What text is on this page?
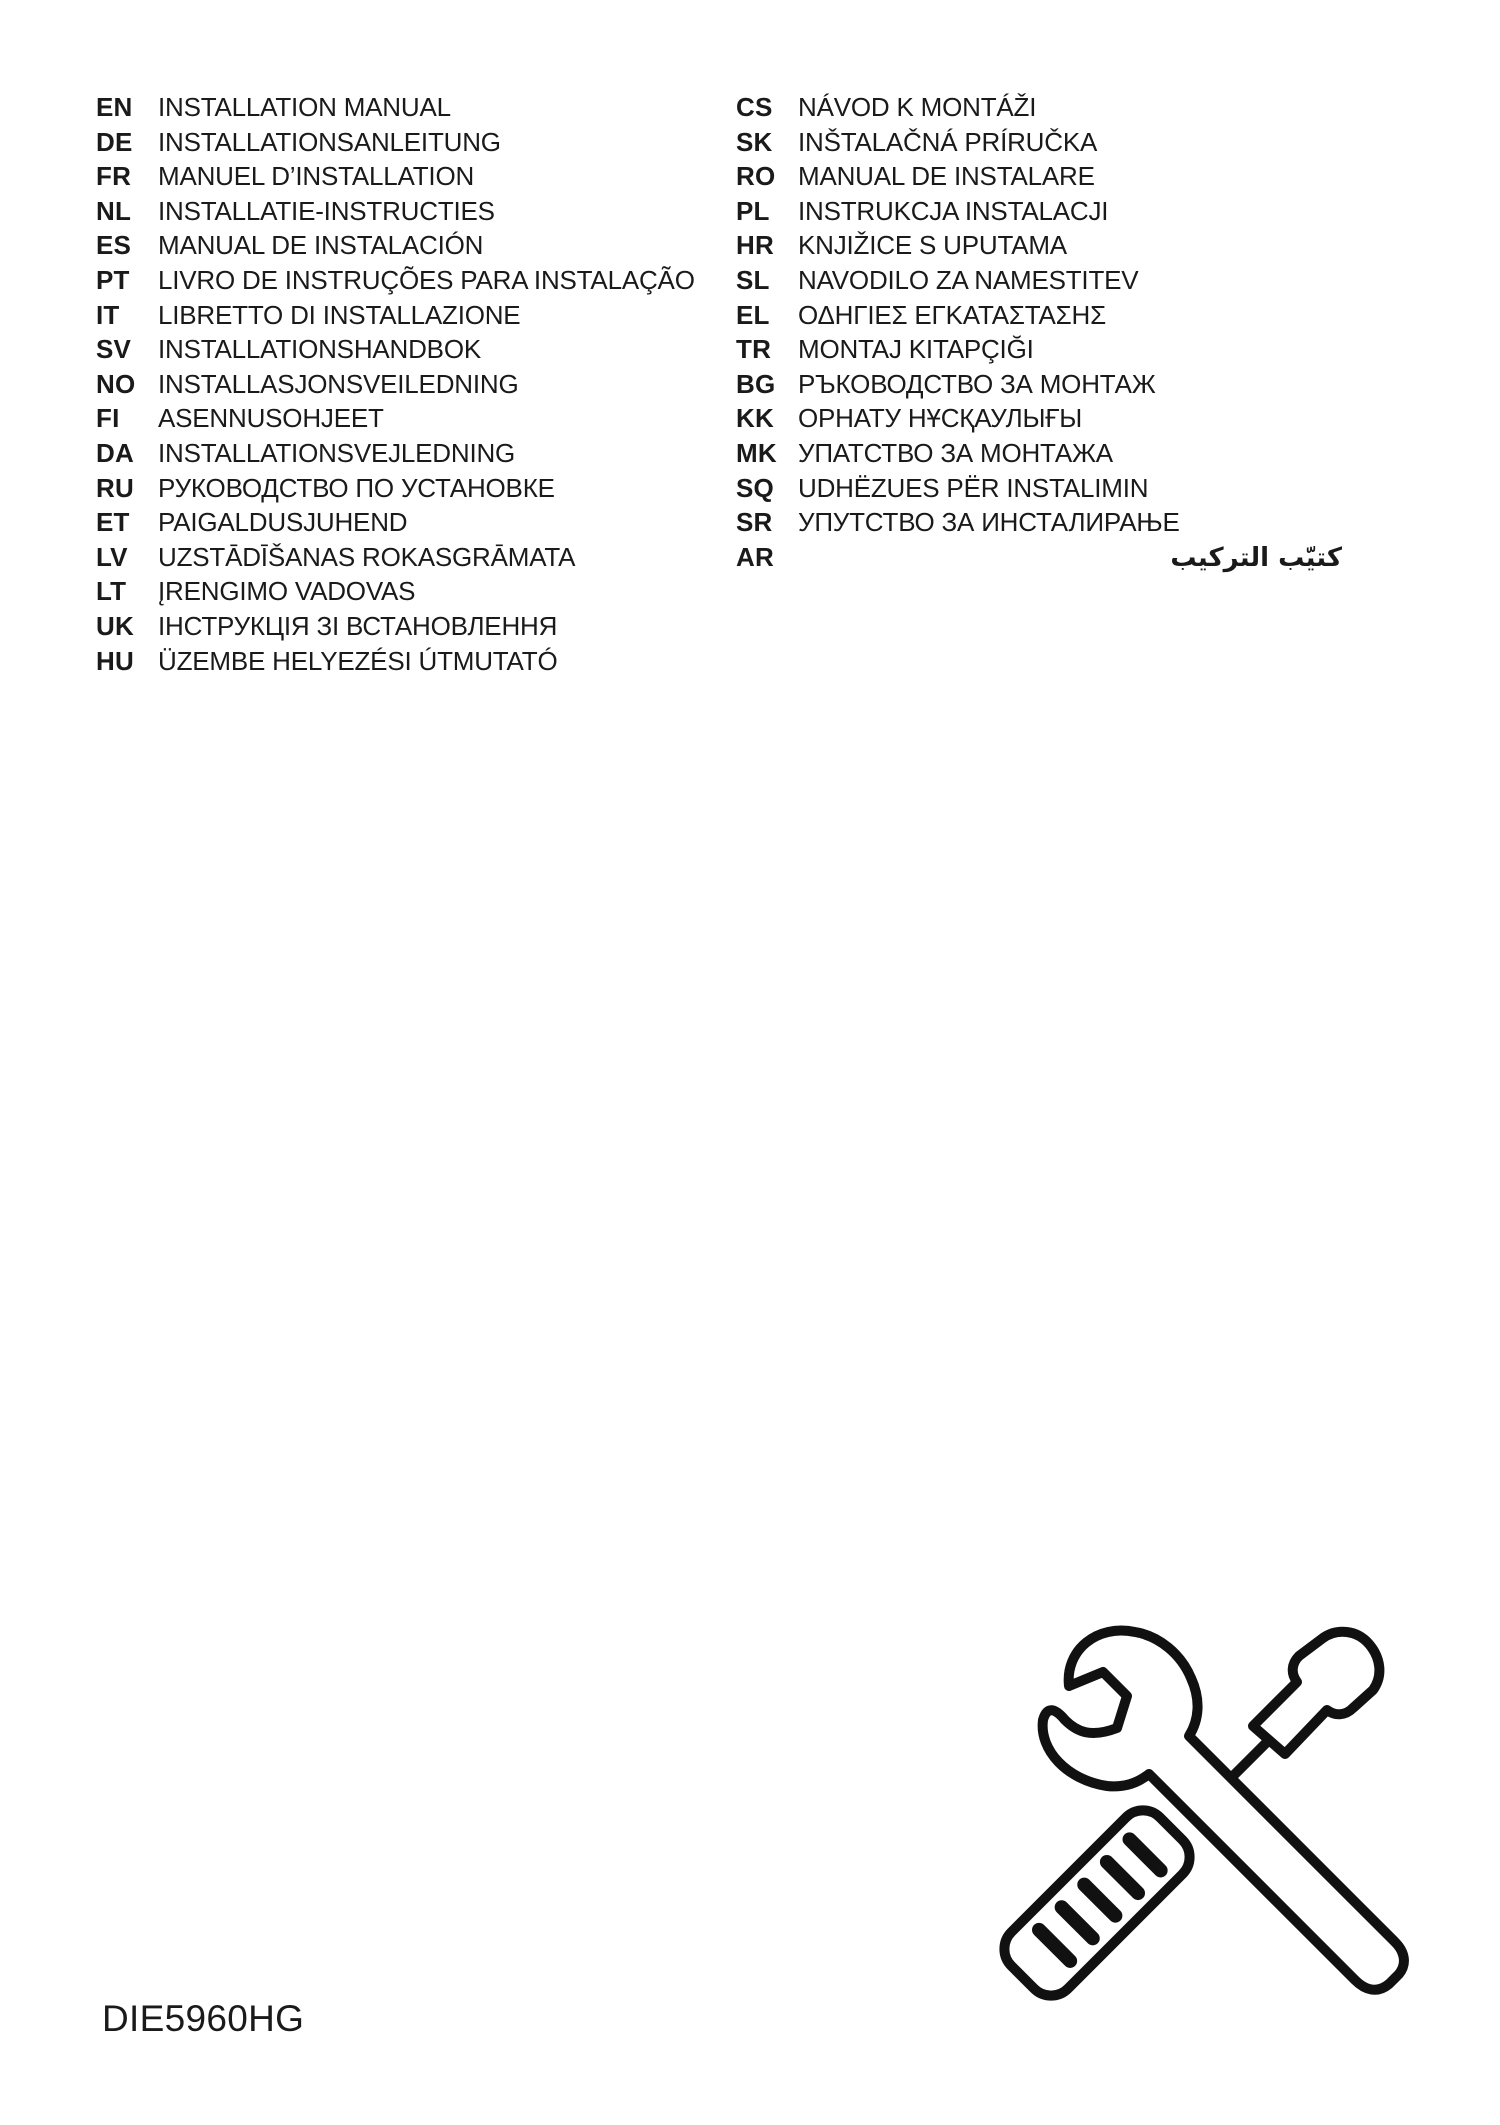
EN INSTALLATION MANUAL
DE INSTALLATIONSANLEITUNG
FR	MANUEL D’INSTALLATION
NL	INSTALLATIE-INSTRUCTIES
ES	MANUAL DE INSTALACIÓN
PT	LIVRO DE INSTRUÇÕES PARA INSTALAÇÃO
IT	LIBRETTO DI INSTALLAZIONE
SV	INSTALLATIONSHANDBOK
NO INSTALLASJONSVEILEDNING
FI	ASENNUSOHJEET
DA INSTALLATIONSVEJLEDNING
RU РУКОВОДСТВО ПО УСТАНОВКЕ
ET	PAIGALDUSJUHEND
LV	UZSTĀDĪŠANAS ROKASGRĀMATA
LT	ĮRENGIMO VADOVAS
UK ІНСТРУКЦІЯ ЗІ ВСТАНОВЛЕННЯ
HU ÜZEMBE HELYEZÉSI ÚTMUTATÓ
CS NÁVOD K MONTÁŽI
SK INŠTALAČNÁ PRÍRUČKA
RO MANUAL DE INSTALARE
PL	INSTRUKCJA INSTALACJI
HR KNJIŽICE S UPUTAMA
SL	NAVODILO ZA NAMESTITEV
EL	ΟΔΗΓΙΕΣ ΕΓΚΑΤΑΣΤΑΣΗΣ
TR	MONTAJ KITAPÇIĞI
BG РЪКОВОДСТВО ЗА МОНТАЖ
KK ОРНАТУ НҰСҚАУЛЫҒЫ
MK УПАТСТВО ЗА МОНТАЖА
SQ UDHËZUES PËR INSTALIMIN
SR УПУТСТВО ЗА ИНСТАЛИРАЊЕ
AR	كتيّب التركيب
DIE5960HG
